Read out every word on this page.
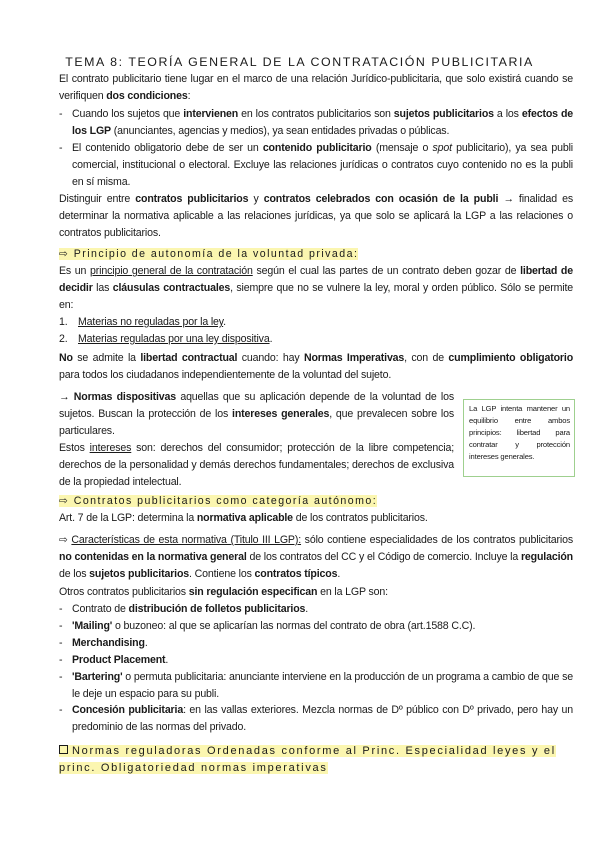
TEMA 8: TEORÍA GENERAL DE LA CONTRATACIÓN PUBLICITARIA

El contrato publicitario tiene lugar en el marco de una relación Jurídico-publicitaria, que solo existirá cuando se verifiquen dos condiciones:

- Cuando los sujetos que intervienen en los contratos publicitarios son sujetos publicitarios a los efectos de los LGP (anunciantes, agencias y medios), ya sean entidades privadas o públicas.

- El contenido obligatorio debe de ser un contenido publicitario (mensaje o spot publicitario), ya sea publi comercial, institucional o electoral. Excluye las relaciones jurídicas o contratos cuyo contenido no es la publi en sí misma.

Distinguir entre contratos publicitarios y contratos celebrados con ocasión de la publi → finalidad es determinar la normativa aplicable a las relaciones jurídicas, ya que solo se aplicará la LGP a las relaciones o contratos publicitarios.

⇨ Principio de autonomía de la voluntad privada:

Es un principio general de la contratación según el cual las partes de un contrato deben gozar de libertad de decidir las cláusulas contractuales, siempre que no se vulnere la ley, moral y orden público. Sólo se permite en:

1. Materias no reguladas por la ley.

2. Materias reguladas por una ley dispositiva.

No se admite la libertad contractual cuando: hay Normas Imperativas, con de cumplimiento obligatorio para todos los ciudadanos independientemente de la voluntad del sujeto.

→ Normas dispositivas aquellas que su aplicación depende de la voluntad de los sujetos. Buscan la protección de los intereses generales, que prevalecen sobre los particulares.

Estos intereses son: derechos del consumidor; protección de la libre competencia; derechos de la personalidad y demás derechos fundamentales; derechos de exclusiva de la propiedad intelectual.

La LGP intenta mantener un equilibrio entre ambos principios: libertad para contratar y protección intereses generales.
⇨ Contratos publicitarios como categoría autónomo:

Art. 7 de la LGP: determina la normativa aplicable de los contratos publicitarios.

⇨ Características de esta normativa (Titulo III LGP): sólo contiene especialidades de los contratos publicitarios no contenidas en la normativa general de los contratos del CC y el Código de comercio. Incluye la regulación de los sujetos publicitarios. Contiene los contratos típicos.

Otros contratos publicitarios sin regulación especifican en la LGP son:

- Contrato de distribución de folletos publicitarios.

- 'Mailing' o buzoneo: al que se aplicarían las normas del contrato de obra (art.1588 C.C).

- Merchandising.

- Product Placement.

- 'Bartering' o permuta publicitaria: anunciante interviene en la producción de un programa a cambio de que se le deje un espacio para su publi.

- Concesión publicitaria: en las vallas exteriores. Mezcla normas de Dº público con Dº privado, pero hay un predominio de las normas del privado.

Normas reguladoras Ordenadas conforme al Princ. Especialidad leyes y el princ. Obligatoriedad normas imperativas
